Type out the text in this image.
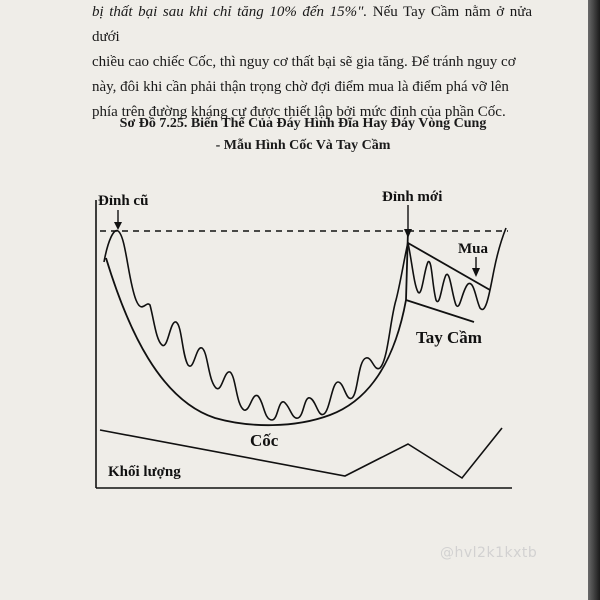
bị thất bại sau khi chỉ tăng 10% đến 15%". Nếu Tay Cầm nằm ở nửa dưới

chiều cao chiếc Cốc, thì nguy cơ thất bại sẽ gia tăng. Để tránh nguy cơ

này, đôi khi cần phải thận trọng chờ đợi điểm mua là điểm phá vỡ lên

phía trên đường kháng cự được thiết lập bởi mức đỉnh của phần Cốc.

Sơ Đồ 7.25. Biến Thể Của Đáy Hình Đĩa Hay Đáy Vòng Cung
- Mẫu Hình Cốc Và Tay Cầm
Đỉnh cũ	Đỉnh mới
Mua
Tay Cầm
Cốc
Khối lượng
@hvl2k1kxtb
